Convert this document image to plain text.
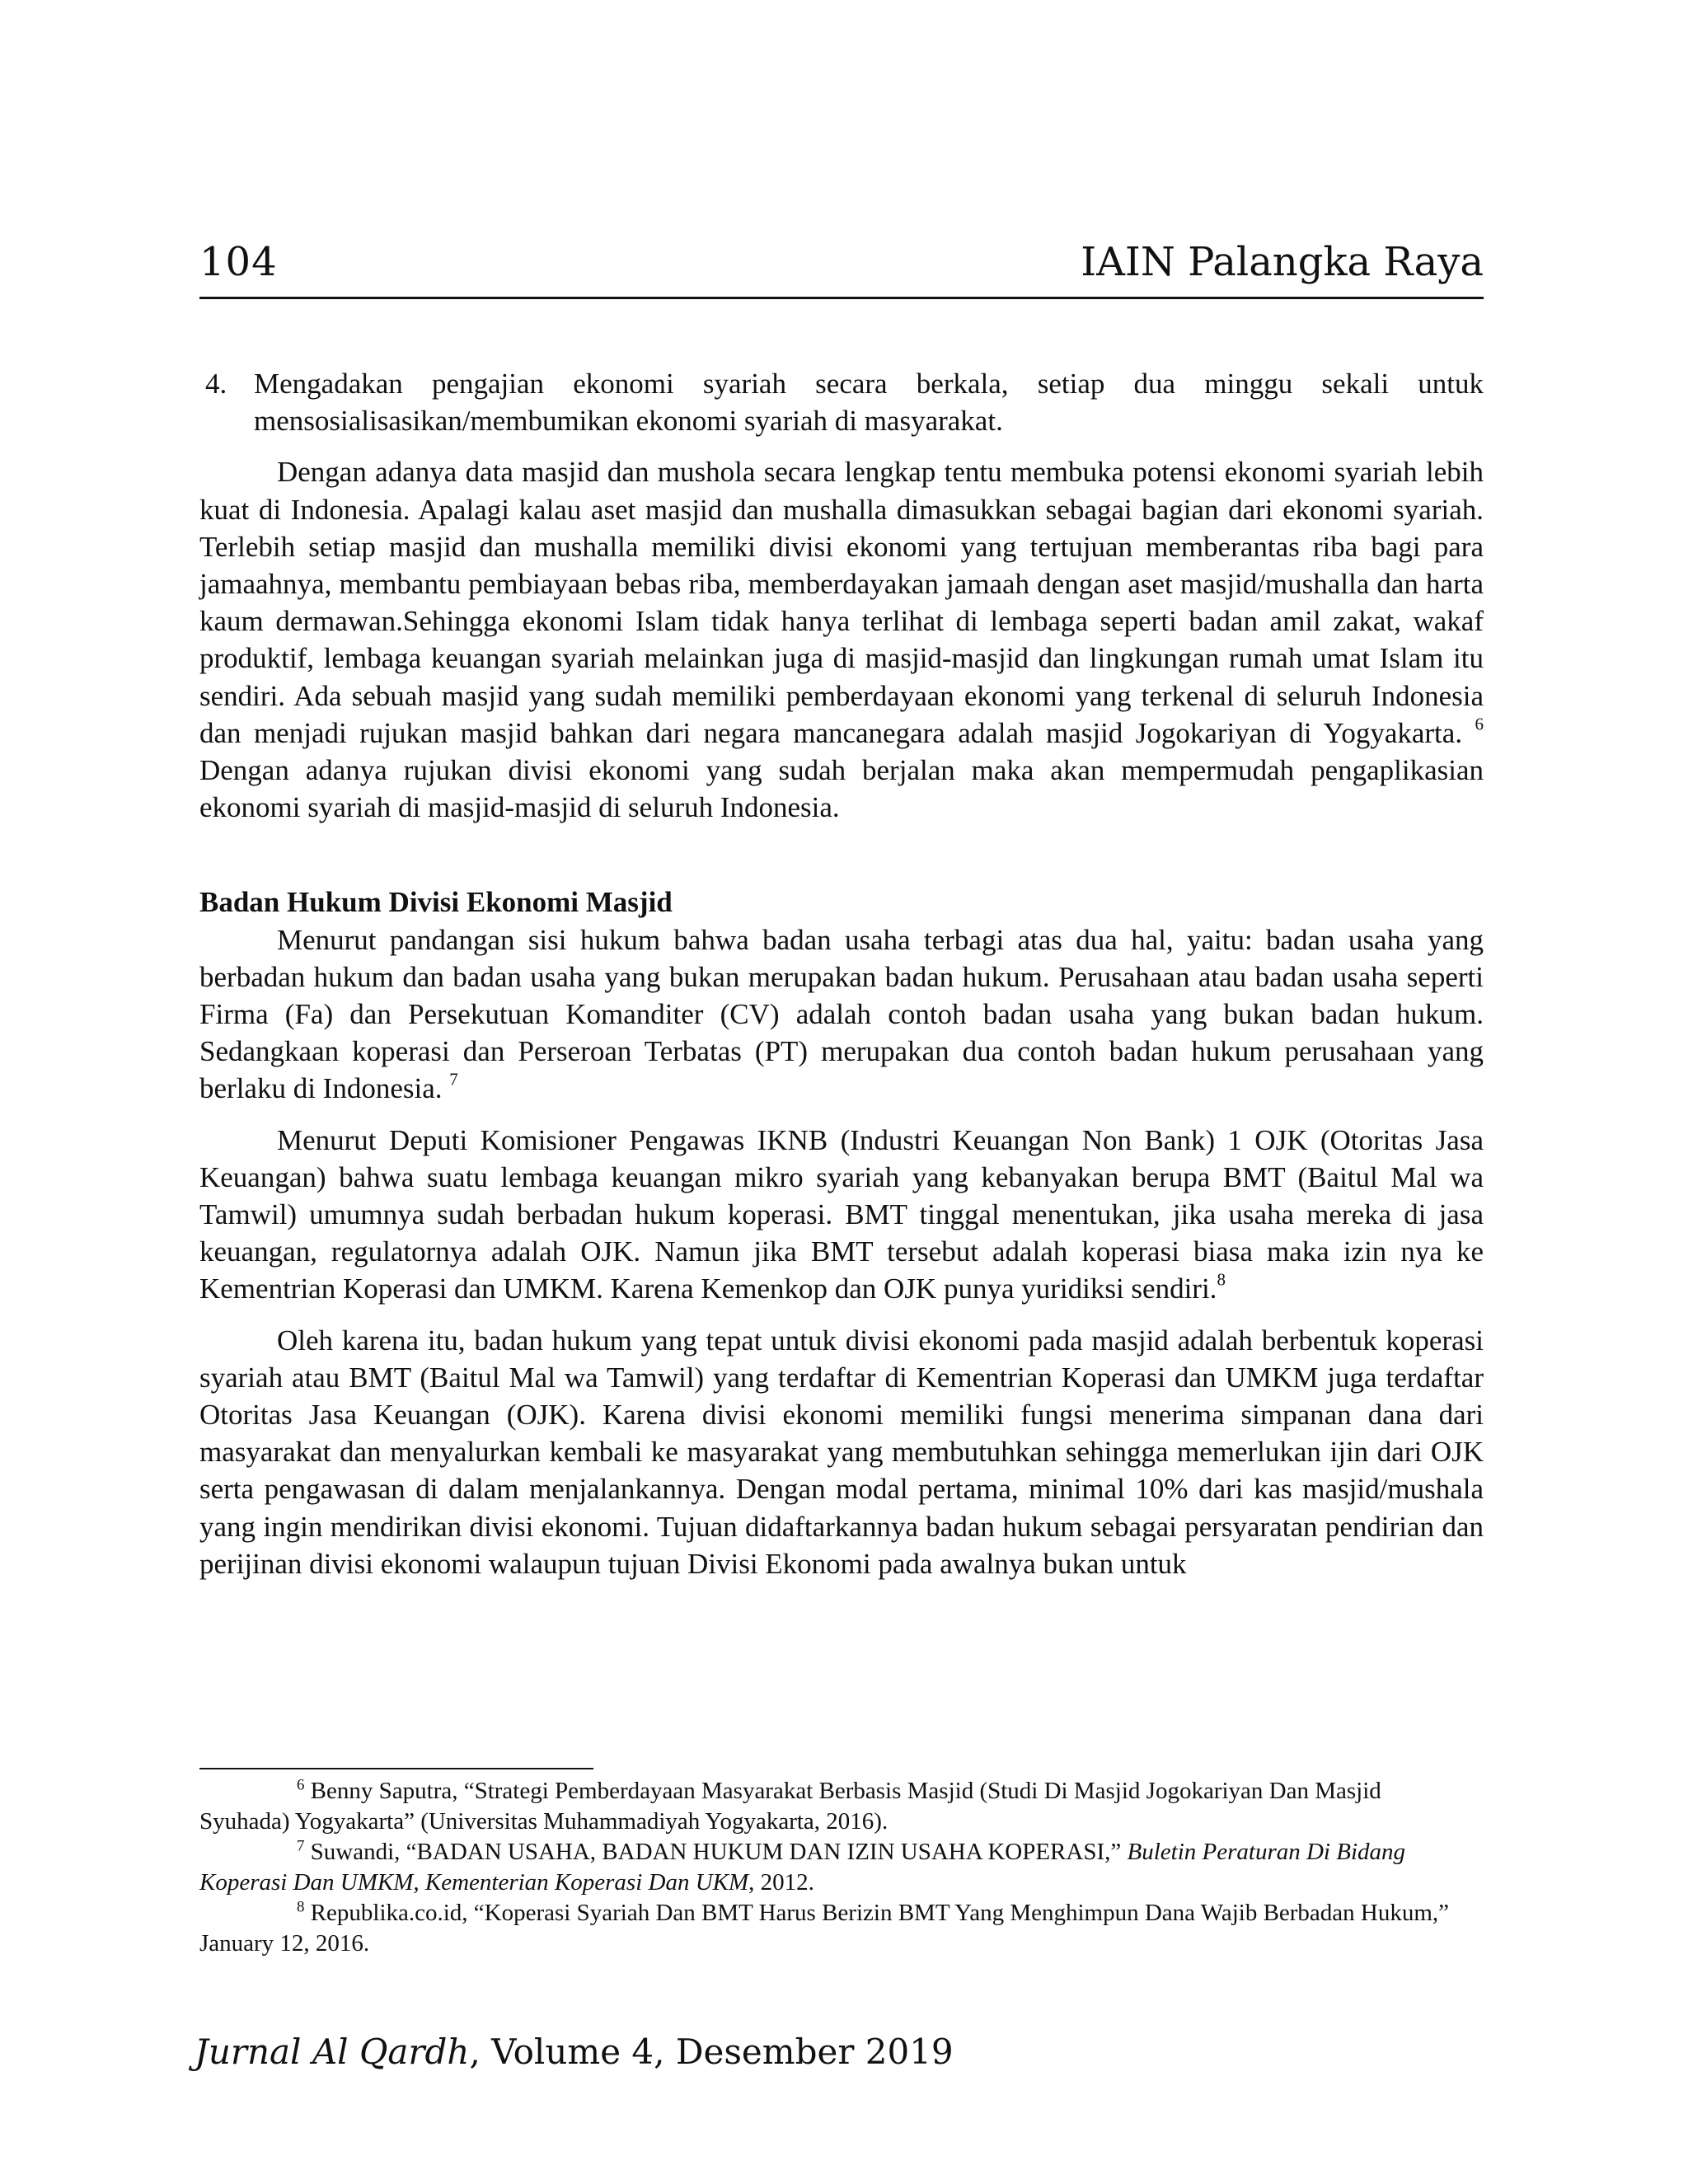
104	IAIN Palangka Raya
4. Mengadakan pengajian ekonomi syariah secara berkala, setiap dua minggu sekali untuk mensosialisasikan/membumikan ekonomi syariah di masyarakat.

Dengan adanya data masjid dan mushola secara lengkap tentu membuka potensi ekonomi syariah lebih kuat di Indonesia. Apalagi kalau aset masjid dan mushalla dimasukkan sebagai bagian dari ekonomi syariah. Terlebih setiap masjid dan mushalla memiliki divisi ekonomi yang tertujuan memberantas riba bagi para jamaahnya, membantu pembiayaan bebas riba, memberdayakan jamaah dengan aset masjid/mushalla dan harta kaum dermawan.Sehingga ekonomi Islam tidak hanya terlihat di lembaga seperti badan amil zakat, wakaf produktif, lembaga keuangan syariah melainkan juga di masjid-masjid dan lingkungan rumah umat Islam itu sendiri. Ada sebuah masjid yang sudah memiliki pemberdayaan ekonomi yang terkenal di seluruh Indonesia dan menjadi rujukan masjid bahkan dari negara mancanegara adalah masjid Jogokariyan di Yogyakarta. $^6$ Dengan adanya rujukan divisi ekonomi yang sudah berjalan maka akan mempermudah pengaplikasian ekonomi syariah di masjid-masjid di seluruh Indonesia.

Badan Hukum Divisi Ekonomi Masjid

Menurut pandangan sisi hukum bahwa badan usaha terbagi atas dua hal, yaitu: badan usaha yang berbadan hukum dan badan usaha yang bukan merupakan badan hukum. Perusahaan atau badan usaha seperti Firma (Fa) dan Persekutuan Komanditer (CV) adalah contoh badan usaha yang bukan badan hukum. Sedangkaan koperasi dan Perseroan Terbatas (PT) merupakan dua contoh badan hukum perusahaan yang berlaku di Indonesia. $^7$

Menurut Deputi Komisioner Pengawas IKNB (Industri Keuangan Non Bank) 1 OJK (Otoritas Jasa Keuangan) bahwa suatu lembaga keuangan mikro syariah yang kebanyakan berupa BMT (Baitul Mal wa Tamwil) umumnya sudah berbadan hukum koperasi. BMT tinggal menentukan, jika usaha mereka di jasa keuangan, regulatornya adalah OJK. Namun jika BMT tersebut adalah koperasi biasa maka izin nya ke Kementrian Koperasi dan UMKM. Karena Kemenkop dan OJK punya yuridiksi sendiri.$^8$

Oleh karena itu, badan hukum yang tepat untuk divisi ekonomi pada masjid adalah berbentuk koperasi syariah atau BMT (Baitul Mal wa Tamwil) yang terdaftar di Kementrian Koperasi dan UMKM juga terdaftar Otoritas Jasa Keuangan (OJK). Karena divisi ekonomi memiliki fungsi menerima simpanan dana dari masyarakat dan menyalurkan kembali ke masyarakat yang membutuhkan sehingga memerlukan ijin dari OJK serta pengawasan di dalam menjalankannya. Dengan modal pertama, minimal 10% dari kas masjid/mushala yang ingin mendirikan divisi ekonomi. Tujuan didaftarkannya badan hukum sebagai persyaratan pendirian dan perijinan divisi ekonomi walaupun tujuan Divisi Ekonomi pada awalnya bukan untuk

$^6$ Benny Saputra, “Strategi Pemberdayaan Masyarakat Berbasis Masjid (Studi Di Masjid Jogokariyan Dan Masjid Syuhada) Yogyakarta” (Universitas Muhammadiyah Yogyakarta, 2016).

$^7$ Suwandi, “BADAN USAHA, BADAN HUKUM DAN IZIN USAHA KOPERASI,” Buletin Peraturan Di Bidang Koperasi Dan UMKM, Kementerian Koperasi Dan UKM, 2012.

$^8$ Republika.co.id, “Koperasi Syariah Dan BMT Harus Berizin BMT Yang Menghimpun Dana Wajib Berbadan Hukum,” January 12, 2016.

Jurnal Al Qardh, Volume 4, Desember 2019
